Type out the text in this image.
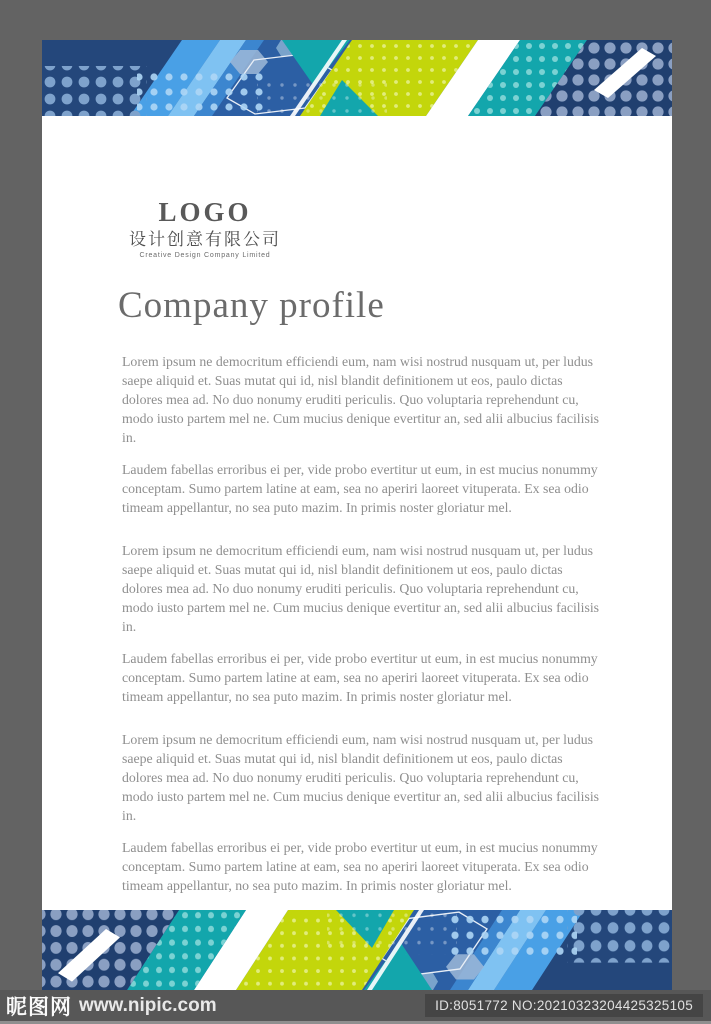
LOGO
设计创意有限公司
Creative Design Company Limited
Company profile

Lorem ipsum ne democritum efficiendi eum, nam wisi nostrud nusquam ut, per ludus saepe aliquid et. Suas mutat qui id, nisl blandit definitionem ut eos, paulo dictas dolores mea ad. No duo nonumy eruditi periculis. Quo voluptaria reprehendunt cu, modo iusto partem mel ne. Cum mucius denique evertitur an, sed alii albucius facilisis in.

Laudem fabellas erroribus ei per, vide probo evertitur ut eum, in est mucius nonummy conceptam. Sumo partem latine at eam, sea no aperiri laoreet vituperata. Ex sea odio timeam appellantur, no sea puto mazim. In primis noster gloriatur mel.

Lorem ipsum ne democritum efficiendi eum, nam wisi nostrud nusquam ut, per ludus saepe aliquid et. Suas mutat qui id, nisl blandit definitionem ut eos, paulo dictas dolores mea ad. No duo nonumy eruditi periculis. Quo voluptaria reprehendunt cu, modo iusto partem mel ne. Cum mucius denique evertitur an, sed alii albucius facilisis in.

Laudem fabellas erroribus ei per, vide probo evertitur ut eum, in est mucius nonummy conceptam. Sumo partem latine at eam, sea no aperiri laoreet vituperata. Ex sea odio timeam appellantur, no sea puto mazim. In primis noster gloriatur mel.

Lorem ipsum ne democritum efficiendi eum, nam wisi nostrud nusquam ut, per ludus saepe aliquid et. Suas mutat qui id, nisl blandit definitionem ut eos, paulo dictas dolores mea ad. No duo nonumy eruditi periculis. Quo voluptaria reprehendunt cu, modo iusto partem mel ne. Cum mucius denique evertitur an, sed alii albucius facilisis in.

Laudem fabellas erroribus ei per, vide probo evertitur ut eum, in est mucius nonummy conceptam. Sumo partem latine at eam, sea no aperiri laoreet vituperata. Ex sea odio timeam appellantur, no sea puto mazim. In primis noster gloriatur mel.

昵图网 www.nipic.com	ID:8051772 NO:20210323204425325105
